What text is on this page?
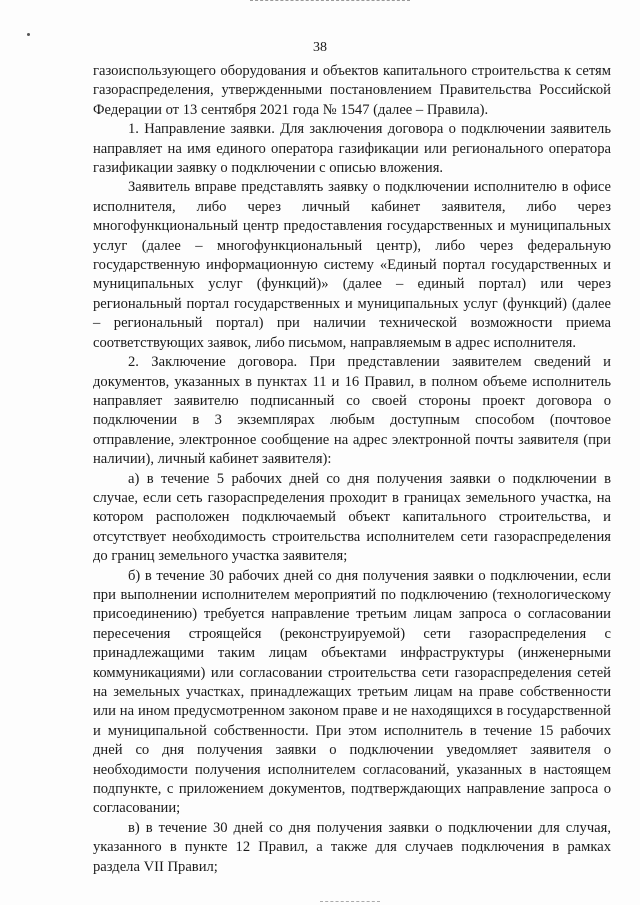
38

газоиспользующего оборудования и объектов капитального строительства к сетям газораспределения, утвержденными постановлением Правительства Российской Федерации от 13 сентября 2021 года № 1547 (далее – Правила).

1. Направление заявки. Для заключения договора о подключении заявитель направляет на имя единого оператора газификации или регионального оператора газификации заявку о подключении с описью вложения.

Заявитель вправе представлять заявку о подключении исполнителю в офисе исполнителя, либо через личный кабинет заявителя, либо через многофункциональный центр предоставления государственных и муниципальных услуг (далее – многофункциональный центр), либо через федеральную государственную информационную систему «Единый портал государственных и муниципальных услуг (функций)» (далее – единый портал) или через региональный портал государственных и муниципальных услуг (функций) (далее – региональный портал) при наличии технической возможности приема соответствующих заявок, либо письмом, направляемым в адрес исполнителя.

2. Заключение договора. При представлении заявителем сведений и документов, указанных в пунктах 11 и 16 Правил, в полном объеме исполнитель направляет заявителю подписанный со своей стороны проект договора о подключении в 3 экземплярах любым доступным способом (почтовое отправление, электронное сообщение на адрес электронной почты заявителя (при наличии), личный кабинет заявителя):

а) в течение 5 рабочих дней со дня получения заявки о подключении в случае, если сеть газораспределения проходит в границах земельного участка, на котором расположен подключаемый объект капитального строительства, и отсутствует необходимость строительства исполнителем сети газораспределения до границ земельного участка заявителя;

б) в течение 30 рабочих дней со дня получения заявки о подключении, если при выполнении исполнителем мероприятий по подключению (технологическому присоединению) требуется направление третьим лицам запроса о согласовании пересечения строящейся (реконструируемой) сети газораспределения с принадлежащими таким лицам объектами инфраструктуры (инженерными коммуникациями) или согласовании строительства сети газораспределения сетей на земельных участках, принадлежащих третьим лицам на праве собственности или на ином предусмотренном законом праве и не находящихся в государственной и муниципальной собственности. При этом исполнитель в течение 15 рабочих дней со дня получения заявки о подключении уведомляет заявителя о необходимости получения исполнителем согласований, указанных в настоящем подпункте, с приложением документов, подтверждающих направление запроса о согласовании;

в) в течение 30 дней со дня получения заявки о подключении для случая, указанного в пункте 12 Правил, а также для случаев подключения в рамках раздела VII Правил;
